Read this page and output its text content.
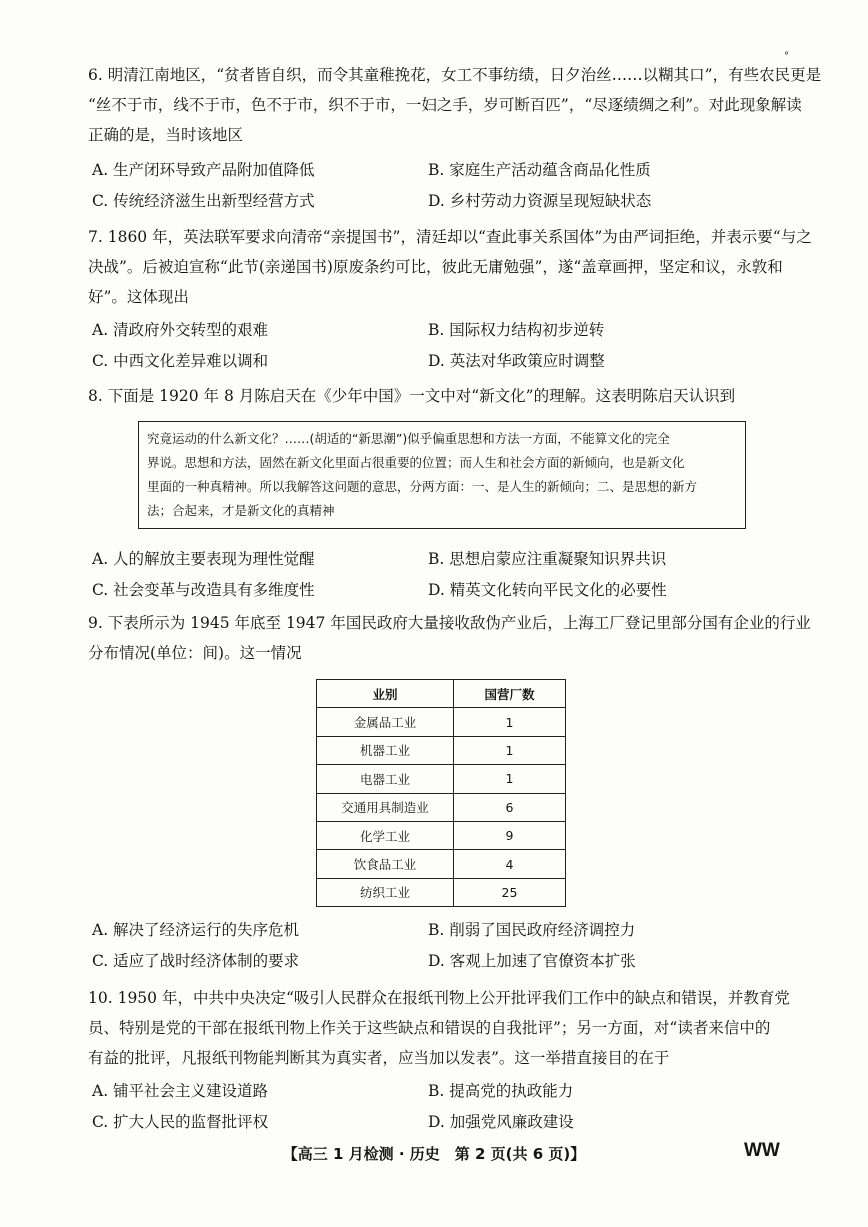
°
6. 明清江南地区，“贫者皆自织，而令其童稚挽花，女工不事纺绩，日夕治丝……以糊其口”，有些农民更是
“丝不于市，线不于市，色不于市，织不于市，一妇之手，岁可断百匹”，“尽逐绩绸之利”。对此现象解读
正确的是，当时该地区
A. 生产闭环导致产品附加值降低	B. 家庭生产活动蕴含商品化性质
C. 传统经济滋生出新型经营方式	D. 乡村劳动力资源呈现短缺状态
7. 1860 年，英法联军要求向清帝“亲提国书”，清廷却以“查此事关系国体”为由严词拒绝，并表示要“与之
决战”。后被迫宣称“此节(亲递国书)原废条约可比，彼此无庸勉强”，遂“盖章画押，坚定和议，永敦和
好”。这体现出
A. 清政府外交转型的艰难	B. 国际权力结构初步逆转
C. 中西文化差异难以调和	D. 英法对华政策应时调整
8. 下面是 1920 年 8 月陈启天在《少年中国》一文中对“新文化”的理解。这表明陈启天认识到
究竟运动的什么新文化？……(胡适的“新思潮”)似乎偏重思想和方法一方面，不能算文化的完全
界说。思想和方法，固然在新文化里面占很重要的位置；而人生和社会方面的新倾向，也是新文化
里面的一种真精神。所以我解答这问题的意思，分两方面：一、是人生的新倾向；二、是思想的新方
法；合起来，才是新文化的真精神
A. 人的解放主要表现为理性觉醒	B. 思想启蒙应注重凝聚知识界共识
C. 社会变革与改造具有多维度性	D. 精英文化转向平民文化的必要性
9. 下表所示为 1945 年底至 1947 年国民政府大量接收敌伪产业后，上海工厂登记里部分国有企业的行业
分布情况(单位：间)。这一情况
业别	国营厂数
金属品工业	1
机器工业	1
电器工业	1
交通用具制造业	6
化学工业	9
饮食品工业	4
纺织工业	25
A. 解决了经济运行的失序危机	B. 削弱了国民政府经济调控力
C. 适应了战时经济体制的要求	D. 客观上加速了官僚资本扩张
10. 1950 年，中共中央决定“吸引人民群众在报纸刊物上公开批评我们工作中的缺点和错误，并教育党
员、特别是党的干部在报纸刊物上作关于这些缺点和错误的自我批评”；另一方面，对“读者来信中的
有益的批评，凡报纸刊物能判断其为真实者，应当加以发表”。这一举措直接目的在于
A. 铺平社会主义建设道路	B. 提高党的执政能力
C. 扩大人民的监督批评权	D. 加强党风廉政建设
【高三 1 月检测 · 历史　第 2 页(共 6 页)】	WW
